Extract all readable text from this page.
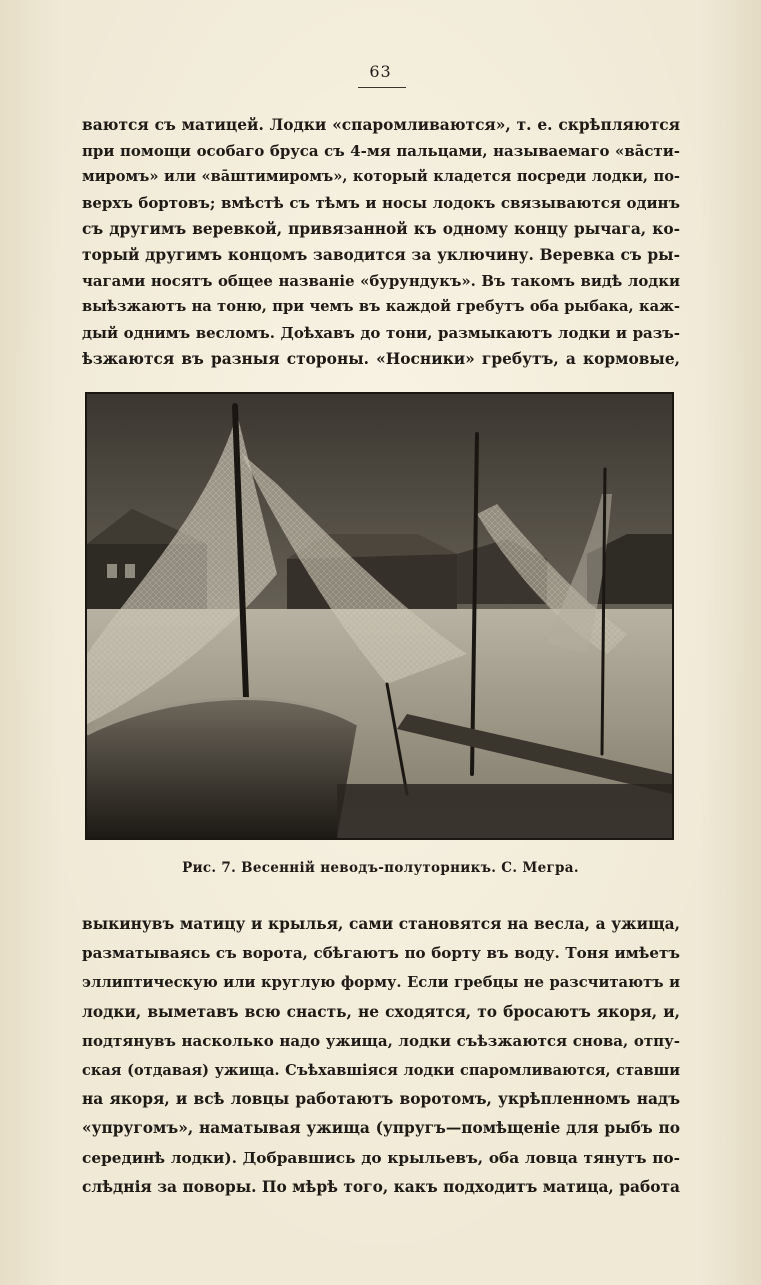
63
ваются съ матицей. Лодки «спаромливаются», т. е. скрѣпляются
при помощи особаго бруса съ 4-мя пальцами, называемаго «вāсти-
миромъ» или «вāштимиромъ», который кладется посреди лодки, по-
верхъ бортовъ; вмѣстѣ съ тѣмъ и носы лодокъ связываются одинъ
съ другимъ веревкой, привязанной къ одному концу рычага, ко-
торый другимъ концомъ заводится за уключину. Веревка съ ры-
чагами носятъ общее названіе «бурундукъ». Въ такомъ видѣ лодки
выѣзжаютъ на тоню, при чемъ въ каждой гребутъ оба рыбака, каж-
дый однимъ весломъ. Доѣхавъ до тони, размыкаютъ лодки и разъ-
ѣзжаются въ разныя стороны. «Носники» гребутъ, а кормовые,
Рис. 7. Весенній неводъ-полуторникъ. С. Мегра.
выкинувъ матицу и крылья, сами становятся на весла, а ужища,
разматываясь съ ворота, сбѣгаютъ по борту въ воду. Тоня имѣетъ
эллиптическую или круглую форму. Если гребцы не разсчитаютъ и
лодки, выметавъ всю снасть, не сходятся, то бросаютъ якоря, и,
подтянувъ насколько надо ужища, лодки съѣзжаются снова, отпу-
ская (отдавая) ужища. Съѣхавшіяся лодки спаромливаются, ставши
на якоря, и всѣ ловцы работаютъ воротомъ, укрѣпленномъ надъ
«упругомъ», наматывая ужища (упругъ—помѣщеніе для рыбъ по
серединѣ лодки). Добравшись до крыльевъ, оба ловца тянутъ по-
слѣднія за поворы. По мѣрѣ того, какъ подходитъ матица, работа
